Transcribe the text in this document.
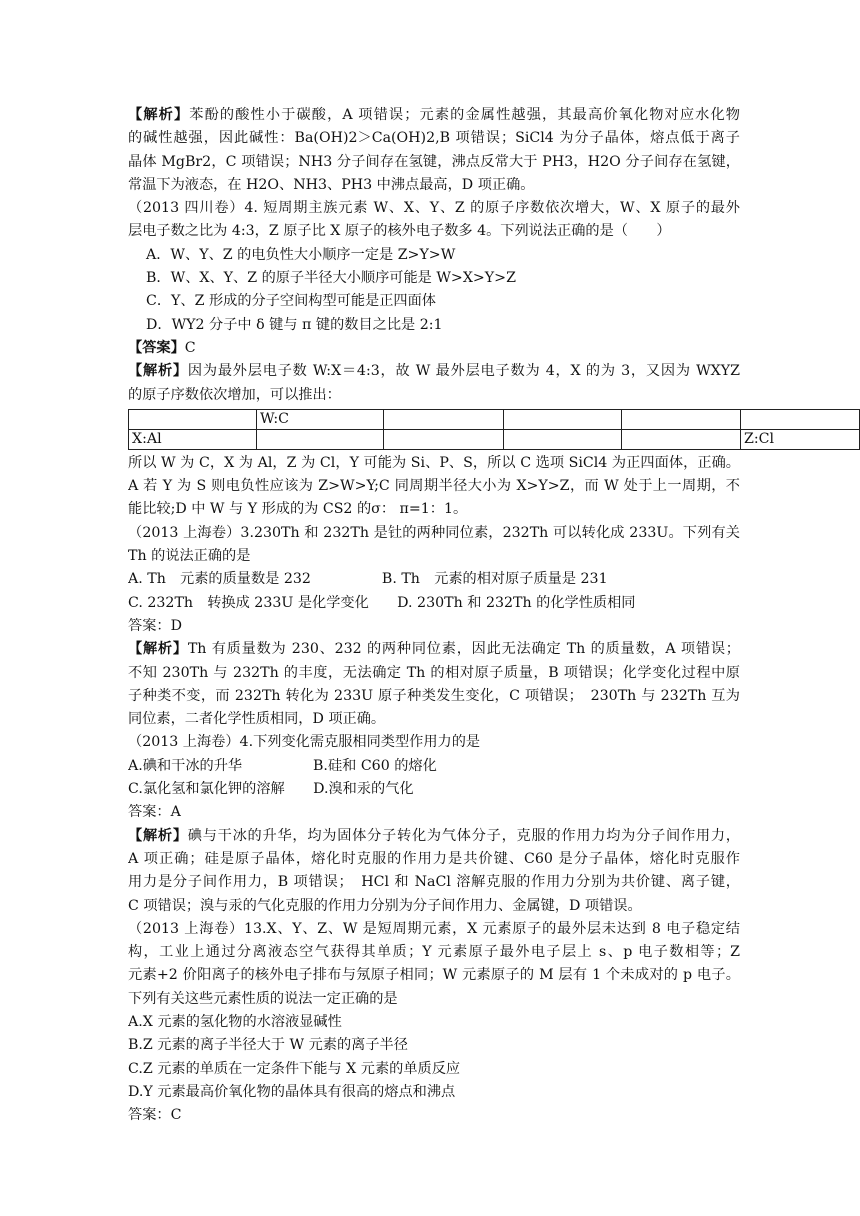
【解析】苯酚的酸性小于碳酸，A 项错误；元素的金属性越强，其最高价氧化物对应水化物
的碱性越强，因此碱性：Ba(OH)2＞Ca(OH)2,B 项错误；SiCl4 为分子晶体，熔点低于离子
晶体 MgBr2，C 项错误；NH3 分子间存在氢键，沸点反常大于 PH3，H2O 分子间存在氢键，
常温下为液态，在 H2O、NH3、PH3 中沸点最高，D 项正确。
（2013 四川卷）4. 短周期主族元素 W、X、Y、Z 的原子序数依次增大，W、X 原子的最外
层电子数之比为 4:3，Z 原子比 X 原子的核外电子数多 4。下列说法正确的是（　　）
A．W、Y、Z 的电负性大小顺序一定是 Z>Y>W
B．W、X、Y、Z 的原子半径大小顺序可能是 W>X>Y>Z
C．Y、Z 形成的分子空间构型可能是正四面体
D．WY2 分子中 δ 键与 π 键的数目之比是 2:1
【答案】C
【解析】因为最外层电子数 W:X＝4:3，故 W 最外层电子数为 4，X 的为 3，又因为 WXYZ
的原子序数依次增加，可以推出：
	W:C				
X:Al					Z:Cl
所以 W 为 C，X 为 Al，Z 为 Cl，Y 可能为 Si、P、S，所以 C 选项 SiCl4 为正四面体，正确。
A 若 Y 为 S 则电负性应该为 Z>W>Y;C 同周期半径大小为 X>Y>Z，而 W 处于上一周期，不
能比较;D 中 W 与 Y 形成的为 CS2 的σ： π=1：1。
（2013 上海卷）3.230Th 和 232Th 是钍的两种同位素，232Th 可以转化成 233U。下列有关
Th 的说法正确的是
A. Th　元素的质量数是 232　　　　　B. Th　元素的相对原子质量是 231
C. 232Th　转换成 233U 是化学变化　　D. 230Th 和 232Th 的化学性质相同
答案：D
【解析】Th 有质量数为 230、232 的两种同位素，因此无法确定 Th 的质量数，A 项错误；
不知 230Th 与 232Th 的丰度，无法确定 Th 的相对原子质量，B 项错误；化学变化过程中原
子种类不变，而 232Th 转化为 233U 原子种类发生变化，C 项错误；　230Th 与 232Th 互为
同位素，二者化学性质相同，D 项正确。
（2013 上海卷）4.下列变化需克服相同类型作用力的是
A.碘和干冰的升华　　　　　B.硅和 C60 的熔化
C.氯化氢和氯化钾的溶解　　D.溴和汞的气化
答案：A
【解析】碘与干冰的升华，均为固体分子转化为气体分子，克服的作用力均为分子间作用力，
A 项正确；硅是原子晶体，熔化时克服的作用力是共价键、C60 是分子晶体，熔化时克服作
用力是分子间作用力，B 项错误；　HCl 和 NaCl 溶解克服的作用力分别为共价键、离子键，
C 项错误；溴与汞的气化克服的作用力分别为分子间作用力、金属键，D 项错误。
（2013 上海卷）13.X、Y、Z、W 是短周期元素，X 元素原子的最外层未达到 8 电子稳定结
构，工业上通过分离液态空气获得其单质；Y 元素原子最外电子层上 s、p 电子数相等；Z
元素+2 价阳离子的核外电子排布与氖原子相同；W 元素原子的 M 层有 1 个未成对的 p 电子。
下列有关这些元素性质的说法一定正确的是
A.X 元素的氢化物的水溶液显碱性
B.Z 元素的离子半径大于 W 元素的离子半径
C.Z 元素的单质在一定条件下能与 X 元素的单质反应
D.Y 元素最高价氧化物的晶体具有很高的熔点和沸点
答案：C
